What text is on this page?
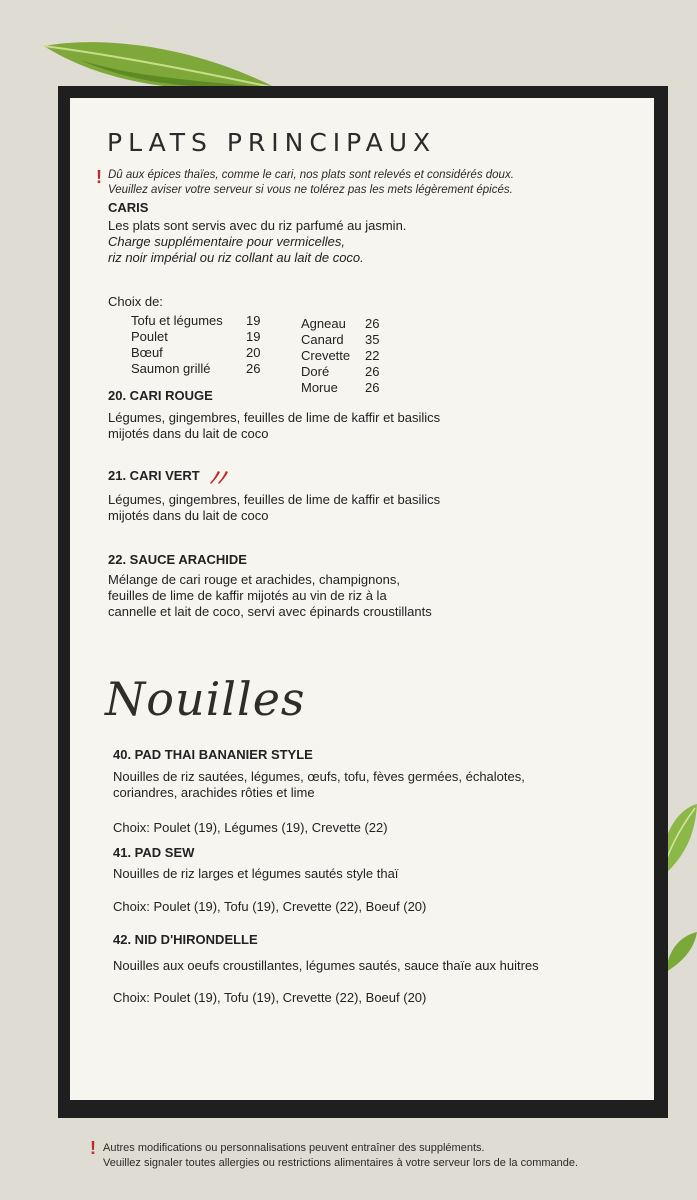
PLATS PRINCIPAUX
! Dû aux épices thaïes, comme le cari, nos plats sont relevés et considérés doux.
Veuillez aviser votre serveur si vous ne tolérez pas les mets légèrement épicés.
CARIS
Les plats sont servis avec du riz parfumé au jasmin.
Charge supplémentaire pour vermicelles,
riz noir impérial ou riz collant au lait de coco.
Choix de:
Tofu et légumes 19
Poulet	19
Bœuf	20
Saumon grillé	26
Agneau 26
Canard 35
Crevette 22
Doré	26
Morue 26
20. CARI ROUGE
Légumes, gingembres, feuilles de lime de kaffir et basilics
mijotés dans du lait de coco
21. CARI VERT
Légumes, gingembres, feuilles de lime de kaffir et basilics
mijotés dans du lait de coco
22. SAUCE ARACHIDE
Mélange de cari rouge et arachides, champignons,
feuilles de lime de kaffir mijotés au vin de riz à la
cannelle et lait de coco, servi avec épinards croustillants
Nouilles
40. PAD THAI BANANIER STYLE
Nouilles de riz sautées, légumes, œufs, tofu, fèves germées, échalotes,
coriandres, arachides rôties et lime
Choix: Poulet (19), Légumes (19), Crevette (22)
41. PAD SEW
Nouilles de riz larges et légumes sautés style thaï
Choix: Poulet (19), Tofu (19), Crevette (22), Boeuf (20)
42. NID D'HIRONDELLE
Nouilles aux oeufs croustillantes, légumes sautés, sauce thaïe aux huitres
Choix: Poulet (19), Tofu (19), Crevette (22), Boeuf (20)
! Autres modifications ou personnalisations peuvent entraîner des suppléments.
Veuillez signaler toutes allergies ou restrictions alimentaires à votre serveur lors de la commande.
